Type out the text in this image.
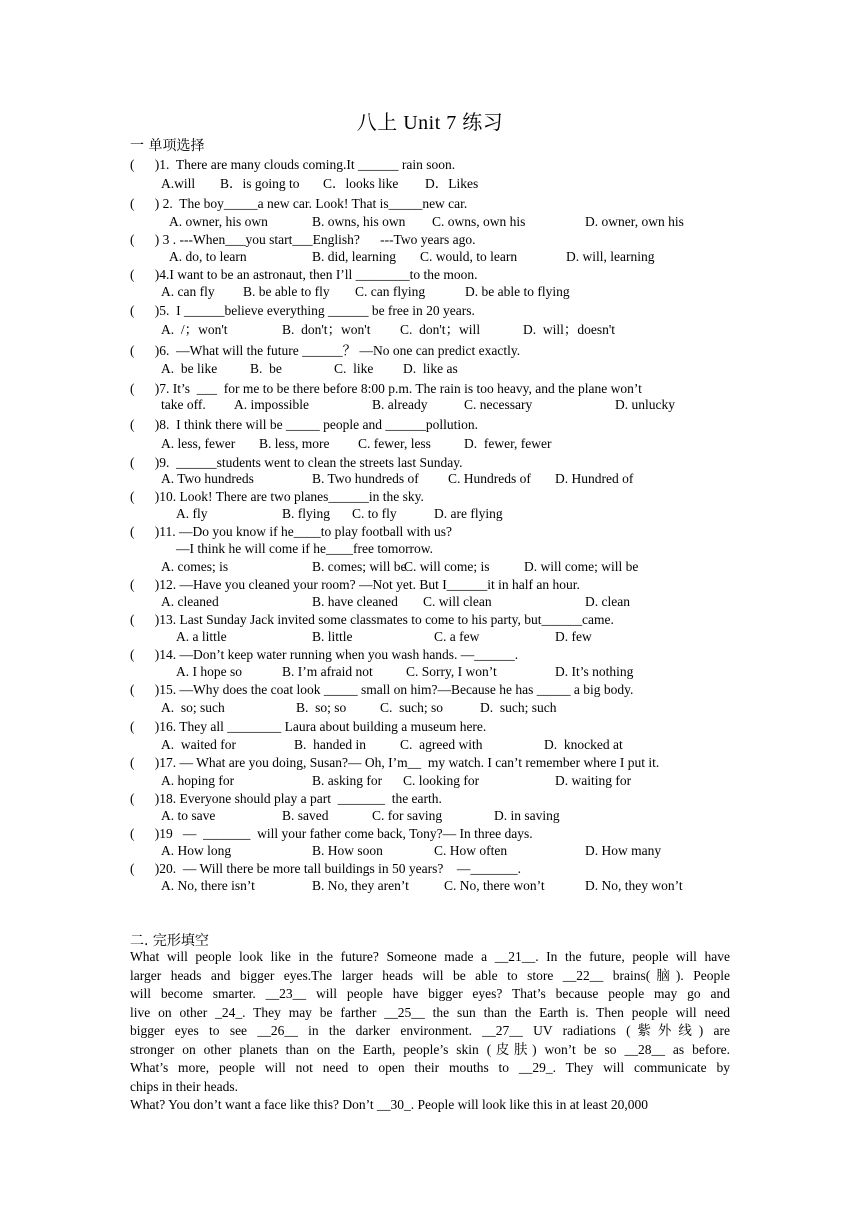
八上 Unit 7 练习
一 单项选择
(      )1.  There are many clouds coming.It ______ rain soon.
A.will B．is going to C．looks like D．Likes
(      ) 2.  The boy_____a new car. Look! That is_____new car.
A. owner, his own	B. owns, his own C. owns, own his	D. owner, own his
(      ) 3 . ---When___you start___English?      ---Two years ago.
A. do, to learn	B. did, learning C. would, to learn	D. will, learning
(      )4.I want to be an astronaut, then I’ll ________to the moon.
A. can fly B. be able to fly C. can flying	D. be able to flying
(      )5.  I ______believe everything ______ be free in 20 years.
A.  /；won't	B.  don't；won't C.  don't；will	D.  will；doesn't
(      )6.  —What will the future ______？ —No one can predict exactly.
A.  be like B.  be	C.  like D.  like as
(      )7. It’s  ___  for me to be there before 8:00 p.m. The rain is too heavy, and the plane won’t
take off. A. impossible	B. already	C. necessary	D. unlucky
(      )8.  I think there will be _____ people and ______pollution.
A. less, fewer B. less, more C. fewer, less D.  fewer, fewer
(      )9.  ______students went to clean the streets last Sunday.
A. Two hundreds	B. Two hundreds of C. Hundreds of D. Hundred of
(      )10. Look! There are two planes______in the sky.
A. fly	B. flying C. to fly	D. are flying
(      )11. —Do you know if he____to play football with us?
—I think he will come if he____free tomorrow.
A. comes; is	B. comes; will be
C. will come; is	D. will come; will be
(      )12. —Have you cleaned your room? —Not yet. But I______it in half an hour.
A. cleaned	B. have cleaned C. will clean	D. clean
(      )13. Last Sunday Jack invited some classmates to come to his party, but______came.
A. a little	B. little	C. a few	D. few
(      )14. —Don’t keep water running when you wash hands. —______.
A. I hope so	B. I’m afraid not C. Sorry, I won’t	D. It’s nothing
(      )15. —Why does the coat look _____ small on him?—Because he has _____ a big body.
A.  so; such	B.  so; so C.  such; so	D.  such; such
(      )16. They all ________ Laura about building a museum here.
A.  waited for	B.  handed in	C.  agreed with	D.  knocked at
(      )17. — What are you doing, Susan?— Oh, I’m__  my watch. I can’t remember where I put it.
A. hoping for	B. asking for C. looking for	D. waiting for
(      )18. Everyone should play a part  _______  the earth.
A. to save	B. saved	C. for saving	D. in saving
(      )19   —  _______  will your father come back, Tony?— In three days.
A. How long	B. How soon	C. How often	D. How many
(      )20.  — Will there be more tall buildings in 50 years?    —_______.
A. No, there isn’t	B. No, they aren’t	C. No, there won’t	D. No, they won’t
二. 完形填空
What will people look like in the future? Someone made a __21__. In the future, people will have
larger heads and bigger eyes.The larger heads will be able to store __22__ brains(脑). People
will become smarter. __23__ will people have bigger eyes? That’s because people may go and
live on other _24_. They may be farther __25__ the sun than the Earth is. Then people will need
bigger eyes to see __26__ in the darker environment. __27__ UV radiations (紫外线) are
stronger on other planets than on the Earth, people’s skin (皮肤) won’t be so __28__ as before.
What’s more, people will not need to open their mouths to __29_. They will communicate by
chips in their heads.
What? You don’t want a face like this? Don’t __30_. People will look like this in at least 20,000
